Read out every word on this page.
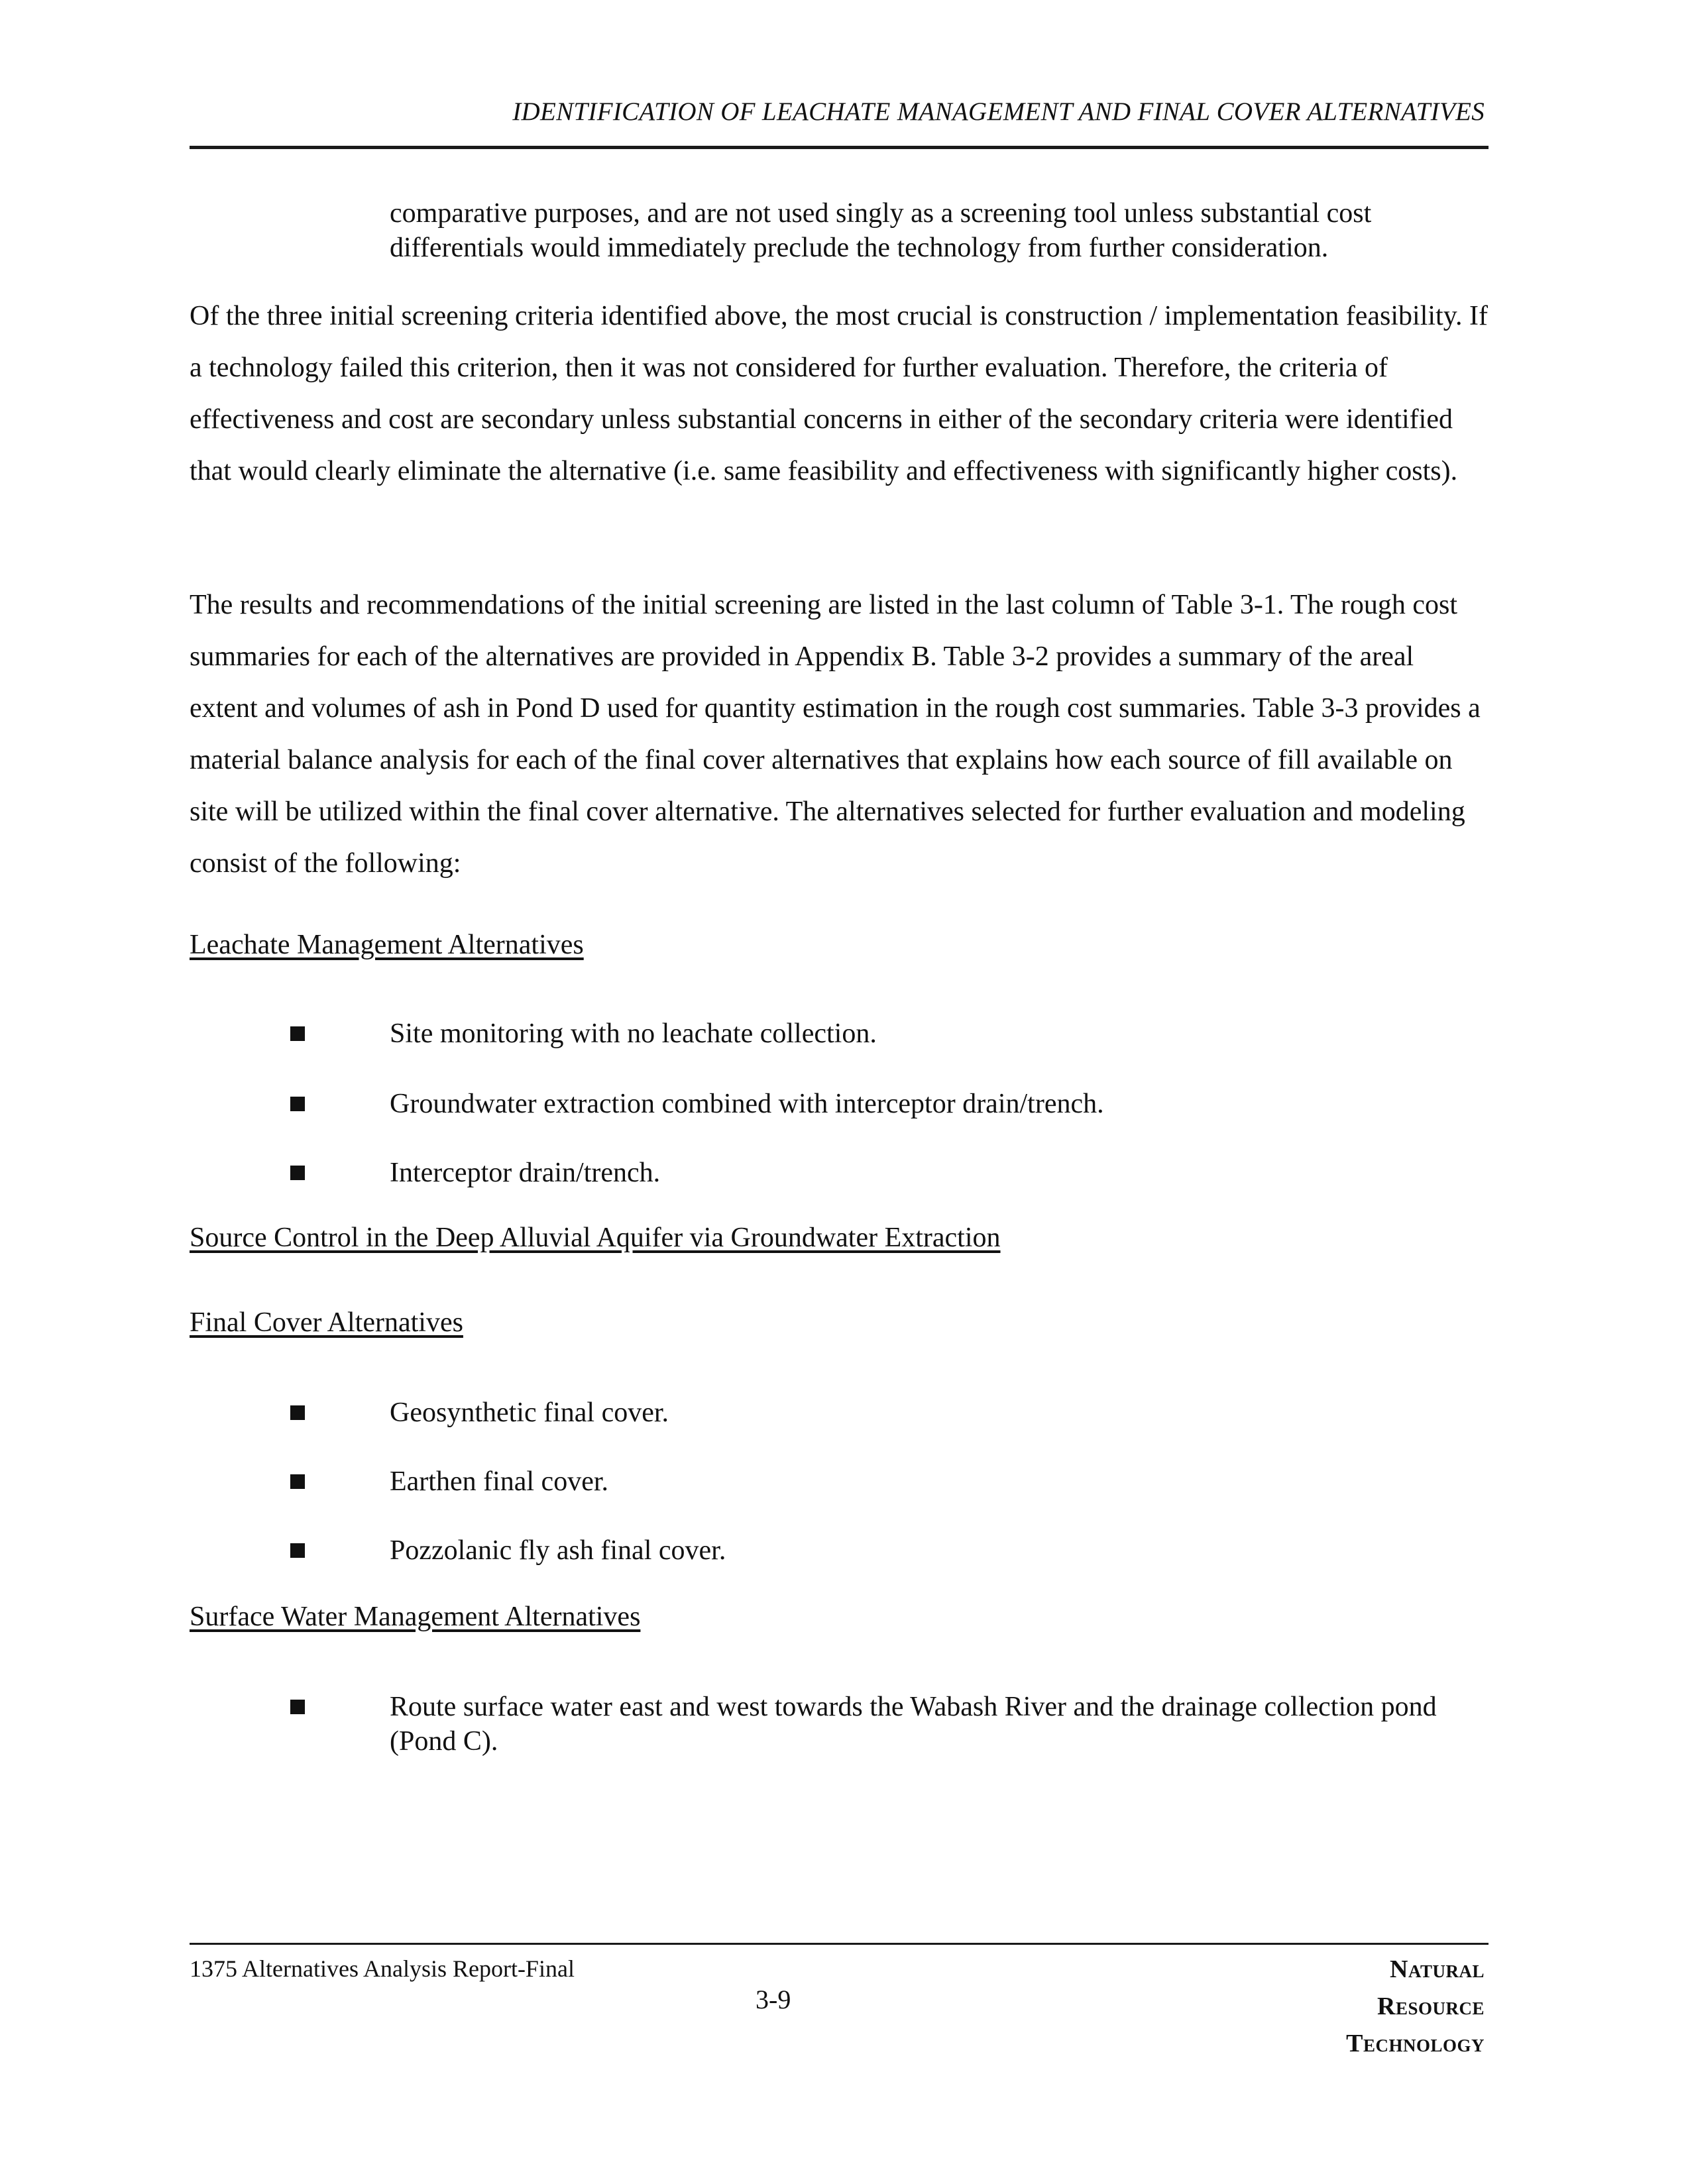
IDENTIFICATION OF LEACHATE MANAGEMENT AND FINAL COVER ALTERNATIVES

comparative purposes, and are not used singly as a screening tool unless substantial cost differentials would immediately preclude the technology from further consideration.

Of the three initial screening criteria identified above, the most crucial is construction / implementation feasibility. If a technology failed this criterion, then it was not considered for further evaluation. Therefore, the criteria of effectiveness and cost are secondary unless substantial concerns in either of the secondary criteria were identified that would clearly eliminate the alternative (i.e. same feasibility and effectiveness with significantly higher costs).

The results and recommendations of the initial screening are listed in the last column of Table 3-1. The rough cost summaries for each of the alternatives are provided in Appendix B. Table 3-2 provides a summary of the areal extent and volumes of ash in Pond D used for quantity estimation in the rough cost summaries. Table 3-3 provides a material balance analysis for each of the final cover alternatives that explains how each source of fill available on site will be utilized within the final cover alternative. The alternatives selected for further evaluation and modeling consist of the following:

Leachate Management Alternatives
Site monitoring with no leachate collection.
Groundwater extraction combined with interceptor drain/trench.
Interceptor drain/trench.
Source Control in the Deep Alluvial Aquifer via Groundwater Extraction
Final Cover Alternatives
Geosynthetic final cover.
Earthen final cover.
Pozzolanic fly ash final cover.
Surface Water Management Alternatives
Route surface water east and west towards the Wabash River and the drainage collection pond (Pond C).
1375 Alternatives Analysis Report-Final
3-9
Natural
Resource
Technology
